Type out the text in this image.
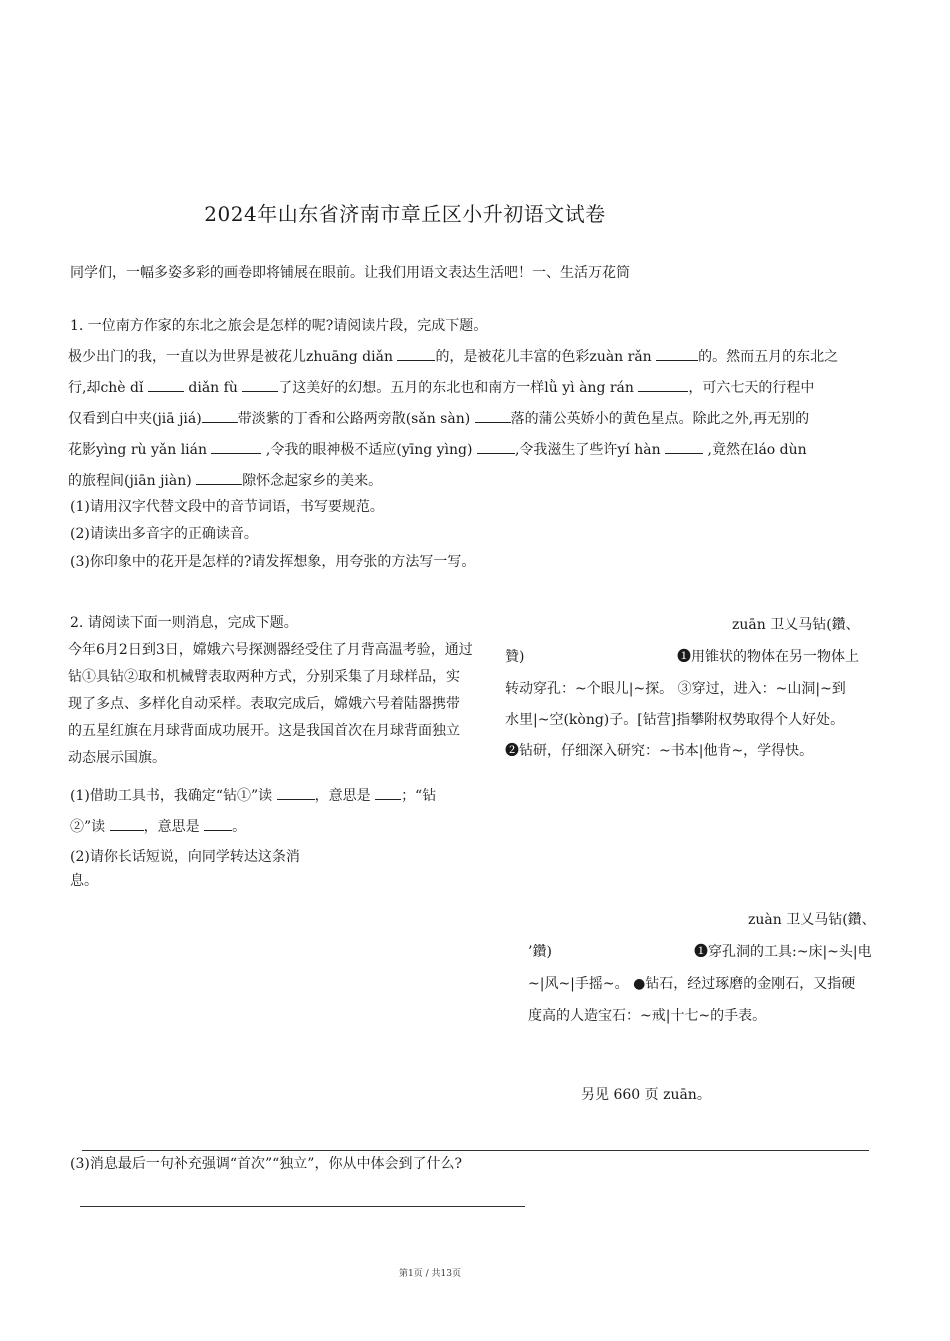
2024年山东省济南市章丘区小升初语文试卷
同学们，一幅多姿多彩的画卷即将铺展在眼前。让我们用语文表达生活吧！一、生活万花筒
1. 一位南方作家的东北之旅会是怎样的呢?请阅读片段，完成下题。
极少出门的我，一直以为世界是被花儿zhuāng diǎn	的，是被花儿丰富的色彩zuàn rǎn	的。然而五月的东北之
行,却chè dǐ	diǎn fù	了这美好的幻想。五月的东北也和南方一样lǜ yì àng rán	，可六七天的行程中
仅看到白中夹(jiā jiá)	带淡紫的丁香和公路两旁散(sǎn sàn)	落的蒲公英娇小的黄色星点。除此之外,再无别的
花影yìng rù yǎn lián	,令我的眼神极不适应(yīng yìng)	,令我滋生了些许yí hàn	,竟然在láo dùn
的旅程间(jiān jiàn)	隙怀念起家乡的美来。
(1)请用汉字代替文段中的音节词语，书写要规范。
(2)请读出多音字的正确读音。
(3)你印象中的花开是怎样的?请发挥想象，用夸张的方法写一写。
2. 请阅读下面一则消息，完成下题。
今年6月2日到3日，嫦娥六号探测器经受住了月背高温考验，通过
钻①具钻②取和机械臂表取两种方式，分别采集了月球样品，实
现了多点、多样化自动采样。表取完成后，嫦娥六号着陆器携带
的五星红旗在月球背面成功展开。这是我国首次在月球背面独立
动态展示国旗。
(1)借助工具书，我确定“钻①”读	，意思是 ；“钻
②”读 ，意思是 。
(2)请你长话短说，向同学转达这条消
息。
zuān 卫乂马钻(鑽、
贊)	❶用锥状的物体在另一物体上
转动穿孔：~个眼儿|~探。 ③穿过，进入：~山洞|~到
水里|~空(kòng)子。[钻营]指攀附权势取得个人好处。
❷钻研，仔细深入研究：~书本|他肯~，学得快。
zuàn 卫乂马钻(鑽、
’鑽)	❶穿孔洞的工具:~床|~头|电
~|风~|手摇~。 ●钻石，经过琢磨的金刚石，又指硬
度高的人造宝石：~戒|十七~的手表。
另见 660 页 zuān。
(3)消息最后一句补充强调“首次”“独立”，你从中体会到了什么?
第1页 / 共13页
